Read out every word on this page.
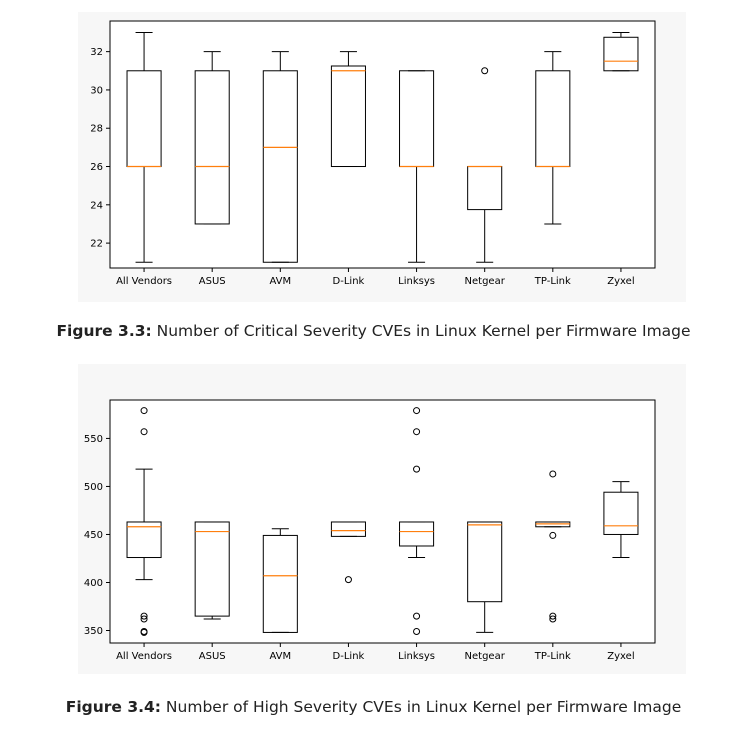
22
24
26
28
30
32
All Vendors	ASUS	AVM	D-Link	Linksys	Netgear	TP-Link	Zyxel
350
400
450
500
550
All Vendors	ASUS	AVM	D-Link	Linksys	Netgear	TP-Link	Zyxel
Figure 3.3: Number of Critical Severity CVEs in Linux Kernel per Firmware Image
Figure 3.4: Number of High Severity CVEs in Linux Kernel per Firmware Image
